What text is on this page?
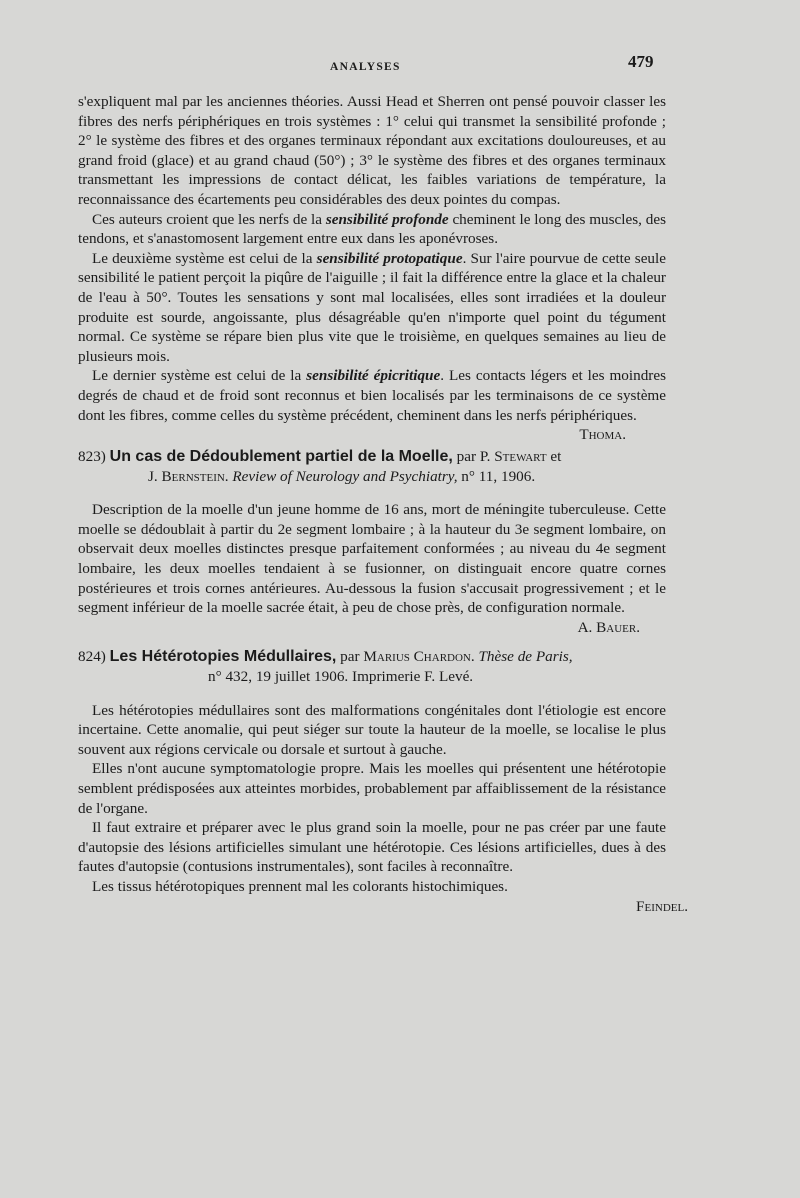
ANALYSES	479

s'expliquent mal par les anciennes théories. Aussi Head et Sherren ont pensé pouvoir classer les fibres des nerfs périphériques en trois systèmes : 1° celui qui transmet la sensibilité profonde ; 2° le système des fibres et des organes terminaux répondant aux excitations douloureuses, et au grand froid (glace) et au grand chaud (50°) ; 3° le système des fibres et des organes terminaux transmettant les impressions de contact délicat, les faibles variations de température, la reconnaissance des écartements peu considérables des deux pointes du compas.

Ces auteurs croient que les nerfs de la sensibilité profonde cheminent le long des muscles, des tendons, et s'anastomosent largement entre eux dans les aponévroses.

Le deuxième système est celui de la sensibilité protopatique. Sur l'aire pourvue de cette seule sensibilité le patient perçoit la piqûre de l'aiguille ; il fait la différence entre la glace et la chaleur de l'eau à 50°. Toutes les sensations y sont mal localisées, elles sont irradiées et la douleur produite est sourde, angoissante, plus désagréable qu'en n'importe quel point du tégument normal. Ce système se répare bien plus vite que le troisième, en quelques semaines au lieu de plusieurs mois.

Le dernier système est celui de la sensibilité épicritique. Les contacts légers et les moindres degrés de chaud et de froid sont reconnus et bien localisés par les terminaisons de ce système dont les fibres, comme celles du système précédent, cheminent dans les nerfs périphériques.
Thoma.

823) Un cas de Dédoublement partiel de la Moelle, par P. Stewart et
J. Bernstein. Review of Neurology and Psychiatry, n° 11, 1906.

Description de la moelle d'un jeune homme de 16 ans, mort de méningite tuberculeuse. Cette moelle se dédoublait à partir du 2e segment lombaire ; à la hauteur du 3e segment lombaire, on observait deux moelles distinctes presque parfaitement conformées ; au niveau du 4e segment lombaire, les deux moelles tendaient à se fusionner, on distinguait encore quatre cornes postérieures et trois cornes antérieures. Au-dessous la fusion s'accusait progressivement ; et le segment inférieur de la moelle sacrée était, à peu de chose près, de configuration normale.

A. Bauer.

824) Les Hétérotopies Médullaires, par Marius Chardon. Thèse de Paris,
n° 432, 19 juillet 1906. Imprimerie F. Levé.

Les hétérotopies médullaires sont des malformations congénitales dont l'étiologie est encore incertaine. Cette anomalie, qui peut siéger sur toute la hauteur de la moelle, se localise le plus souvent aux régions cervicale ou dorsale et surtout à gauche.

Elles n'ont aucune symptomatologie propre. Mais les moelles qui présentent une hétérotopie semblent prédisposées aux atteintes morbides, probablement par affaiblissement de la résistance de l'organe.

Il faut extraire et préparer avec le plus grand soin la moelle, pour ne pas créer par une faute d'autopsie des lésions artificielles simulant une hétérotopie. Ces lésions artificielles, dues à des fautes d'autopsie (contusions instrumentales), sont faciles à reconnaître.

Les tissus hétérotopiques prennent mal les colorants histochimiques.

Feindel.
